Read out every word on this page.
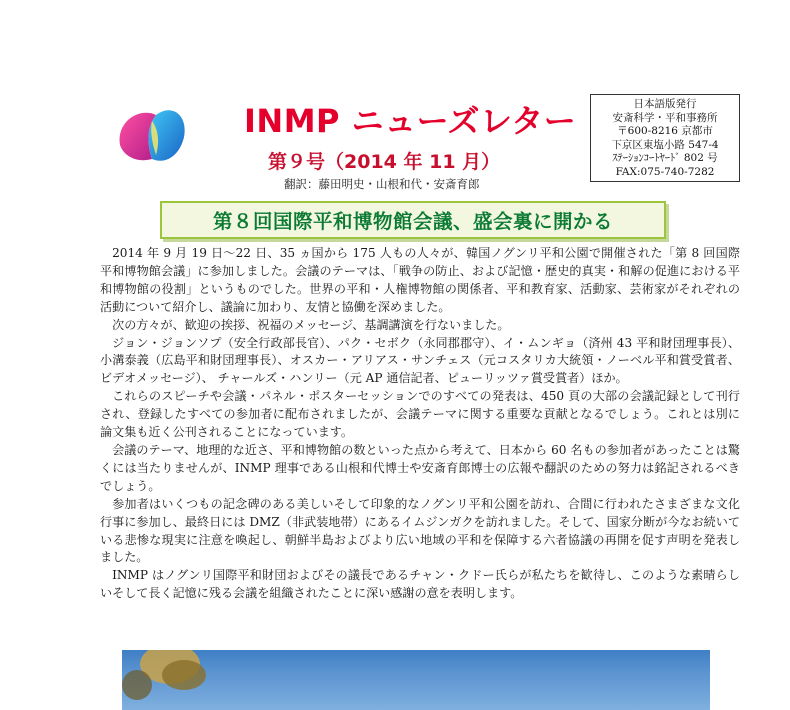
INMP ニューズレター
第９号（2014 年 11 月）
翻訳：藤田明史・山根和代・安斎育郎
日本語版発行
安斎科学・平和事務所
〒600-8216 京都市
下京区東塩小路 547-4
ｽﾃｰｼｮﾝｺｰﾄﾔｰﾄﾞ 802 号
FAX:075-740-7282
第８回国際平和博物館会議、盛会裏に開かる

2014 年 9 月 19 日〜22 日、35 ヵ国から 175 人もの人々が、韓国ノグンリ平和公園で開催された「第 8 回国際平和博物館会議」に参加しました。会議のテーマは、「戦争の防止、および記憶・歴史的真実・和解の促進における平和博物館の役割」というものでした。世界の平和・人権博物館の関係者、平和教育家、活動家、芸術家がそれぞれの活動について紹介し、議論に加わり、友情と協働を深めました。

次の方々が、歓迎の挨拶、祝福のメッセージ、基調講演を行ないました。

ジョン・ジョンソプ（安全行政部長官）、パク・セボク（永同郡郡守）、イ・ムンギョ（済州 43 平和財団理事長）、小溝泰義（広島平和財団理事長）、オスカー・アリアス・サンチェス（元コスタリカ大統領・ノーベル平和賞受賞者、ビデオメッセージ）、 チャールズ・ハンリー（元 AP 通信記者、ピューリッツァ賞受賞者）ほか。

これらのスピーチや会議・パネル・ポスターセッションでのすべての発表は、450 頁の大部の会議記録として刊行され、登録したすべての参加者に配布されましたが、会議テーマに関する重要な貢献となるでしょう。これとは別に論文集も近く公刊されることになっています。

会議のテーマ、地理的な近さ、平和博物館の数といった点から考えて、日本から 60 名もの参加者があったことは驚くには当たりませんが、INMP 理事である山根和代博士や安斎育郎博士の広報や翻訳のための努力は銘記されるべきでしょう。

参加者はいくつもの記念碑のある美しいそして印象的なノグンリ平和公園を訪れ、合間に行われたさまざまな文化行事に参加し、最終日には DMZ（非武装地帯）にあるイムジンガクを訪れました。そして、国家分断が今なお続いている悲惨な現実に注意を喚起し、朝鮮半島およびより広い地域の平和を保障する六者協議の再開を促す声明を発表しました。

INMP はノグンリ国際平和財団およびその議長であるチャン・クドー氏らが私たちを歓待し、このような素晴らしいそして長く記憶に残る会議を組織されたことに深い感謝の意を表明します。
